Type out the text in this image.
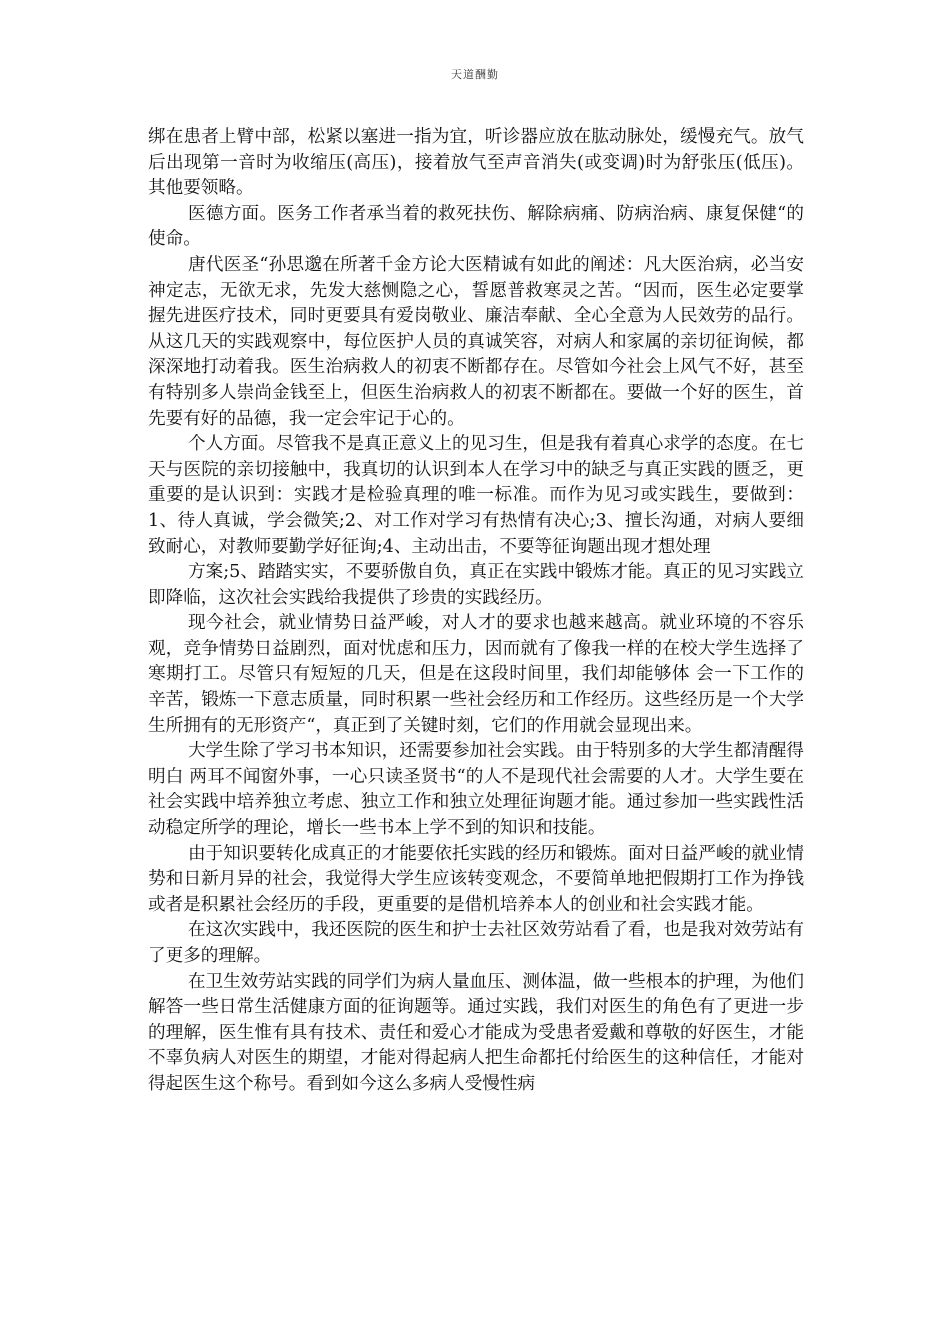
天道酬勤

绑在患者上臂中部，松紧以塞进一指为宜，听诊器应放在肱动脉处，缓慢充气。放气后出现第一音时为收缩压(高压)，接着放气至声音消失(或变调)时为舒张压(低压)。其他要领略。

医德方面。医务工作者承当着的救死扶伤、解除病痛、防病治病、康复保健“的使命。

唐代医圣“孙思邈在所著千金方论大医精诚有如此的阐述：凡大医治病，必当安神定志，无欲无求，先发大慈恻隐之心，誓愿普救寒灵之苦。“因而，医生必定要掌握先进医疗技术，同时更要具有爱岗敬业、廉洁奉献、全心全意为人民效劳的品行。从这几天的实践观察中，每位医护人员的真诚笑容，对病人和家属的亲切征询候，都深深地打动着我。医生治病救人的初衷不断都存在。尽管如今社会上风气不好，甚至有特别多人崇尚金钱至上，但医生治病救人的初衷不断都在。要做一个好的医生，首先要有好的品德，我一定会牢记于心的。

个人方面。尽管我不是真正意义上的见习生，但是我有着真心求学的态度。在七天与医院的亲切接触中，我真切的认识到本人在学习中的缺乏与真正实践的匮乏，更重要的是认识到：实践才是检验真理的唯一标准。而作为见习或实践生，要做到：1、待人真诚，学会微笑;2、对工作对学习有热情有决心;3、擅长沟通，对病人要细致耐心，对教师要勤学好征询;4、主动出击，不要等征询题出现才想处理

方案;5、踏踏实实，不要骄傲自负，真正在实践中锻炼才能。真正的见习实践立即降临，这次社会实践给我提供了珍贵的实践经历。

现今社会，就业情势日益严峻，对人才的要求也越来越高。就业环境的不容乐观，竞争情势日益剧烈，面对忧虑和压力，因而就有了像我一样的在校大学生选择了寒期打工。尽管只有短短的几天，但是在这段时间里，我们却能够体 会一下工作的辛苦，锻炼一下意志质量，同时积累一些社会经历和工作经历。这些经历是一个大学生所拥有的无形资产“，真正到了关键时刻，它们的作用就会显现出来。

大学生除了学习书本知识，还需要参加社会实践。由于特别多的大学生都清醒得明白 两耳不闻窗外事，一心只读圣贤书“的人不是现代社会需要的人才。大学生要在社会实践中培养独立考虑、独立工作和独立处理征询题才能。通过参加一些实践性活动稳定所学的理论，增长一些书本上学不到的知识和技能。

由于知识要转化成真正的才能要依托实践的经历和锻炼。面对日益严峻的就业情势和日新月异的社会，我觉得大学生应该转变观念，不要简单地把假期打工作为挣钱或者是积累社会经历的手段，更重要的是借机培养本人的创业和社会实践才能。

在这次实践中，我还医院的医生和护士去社区效劳站看了看，也是我对效劳站有了更多的理解。

在卫生效劳站实践的同学们为病人量血压、测体温，做一些根本的护理，为他们解答一些日常生活健康方面的征询题等。通过实践，我们对医生的角色有了更进一步的理解，医生惟有具有技术、责任和爱心才能成为受患者爱戴和尊敬的好医生，才能不辜负病人对医生的期望，才能对得起病人把生命都托付给医生的这种信任，才能对得起医生这个称号。看到如今这么多病人受慢性病
